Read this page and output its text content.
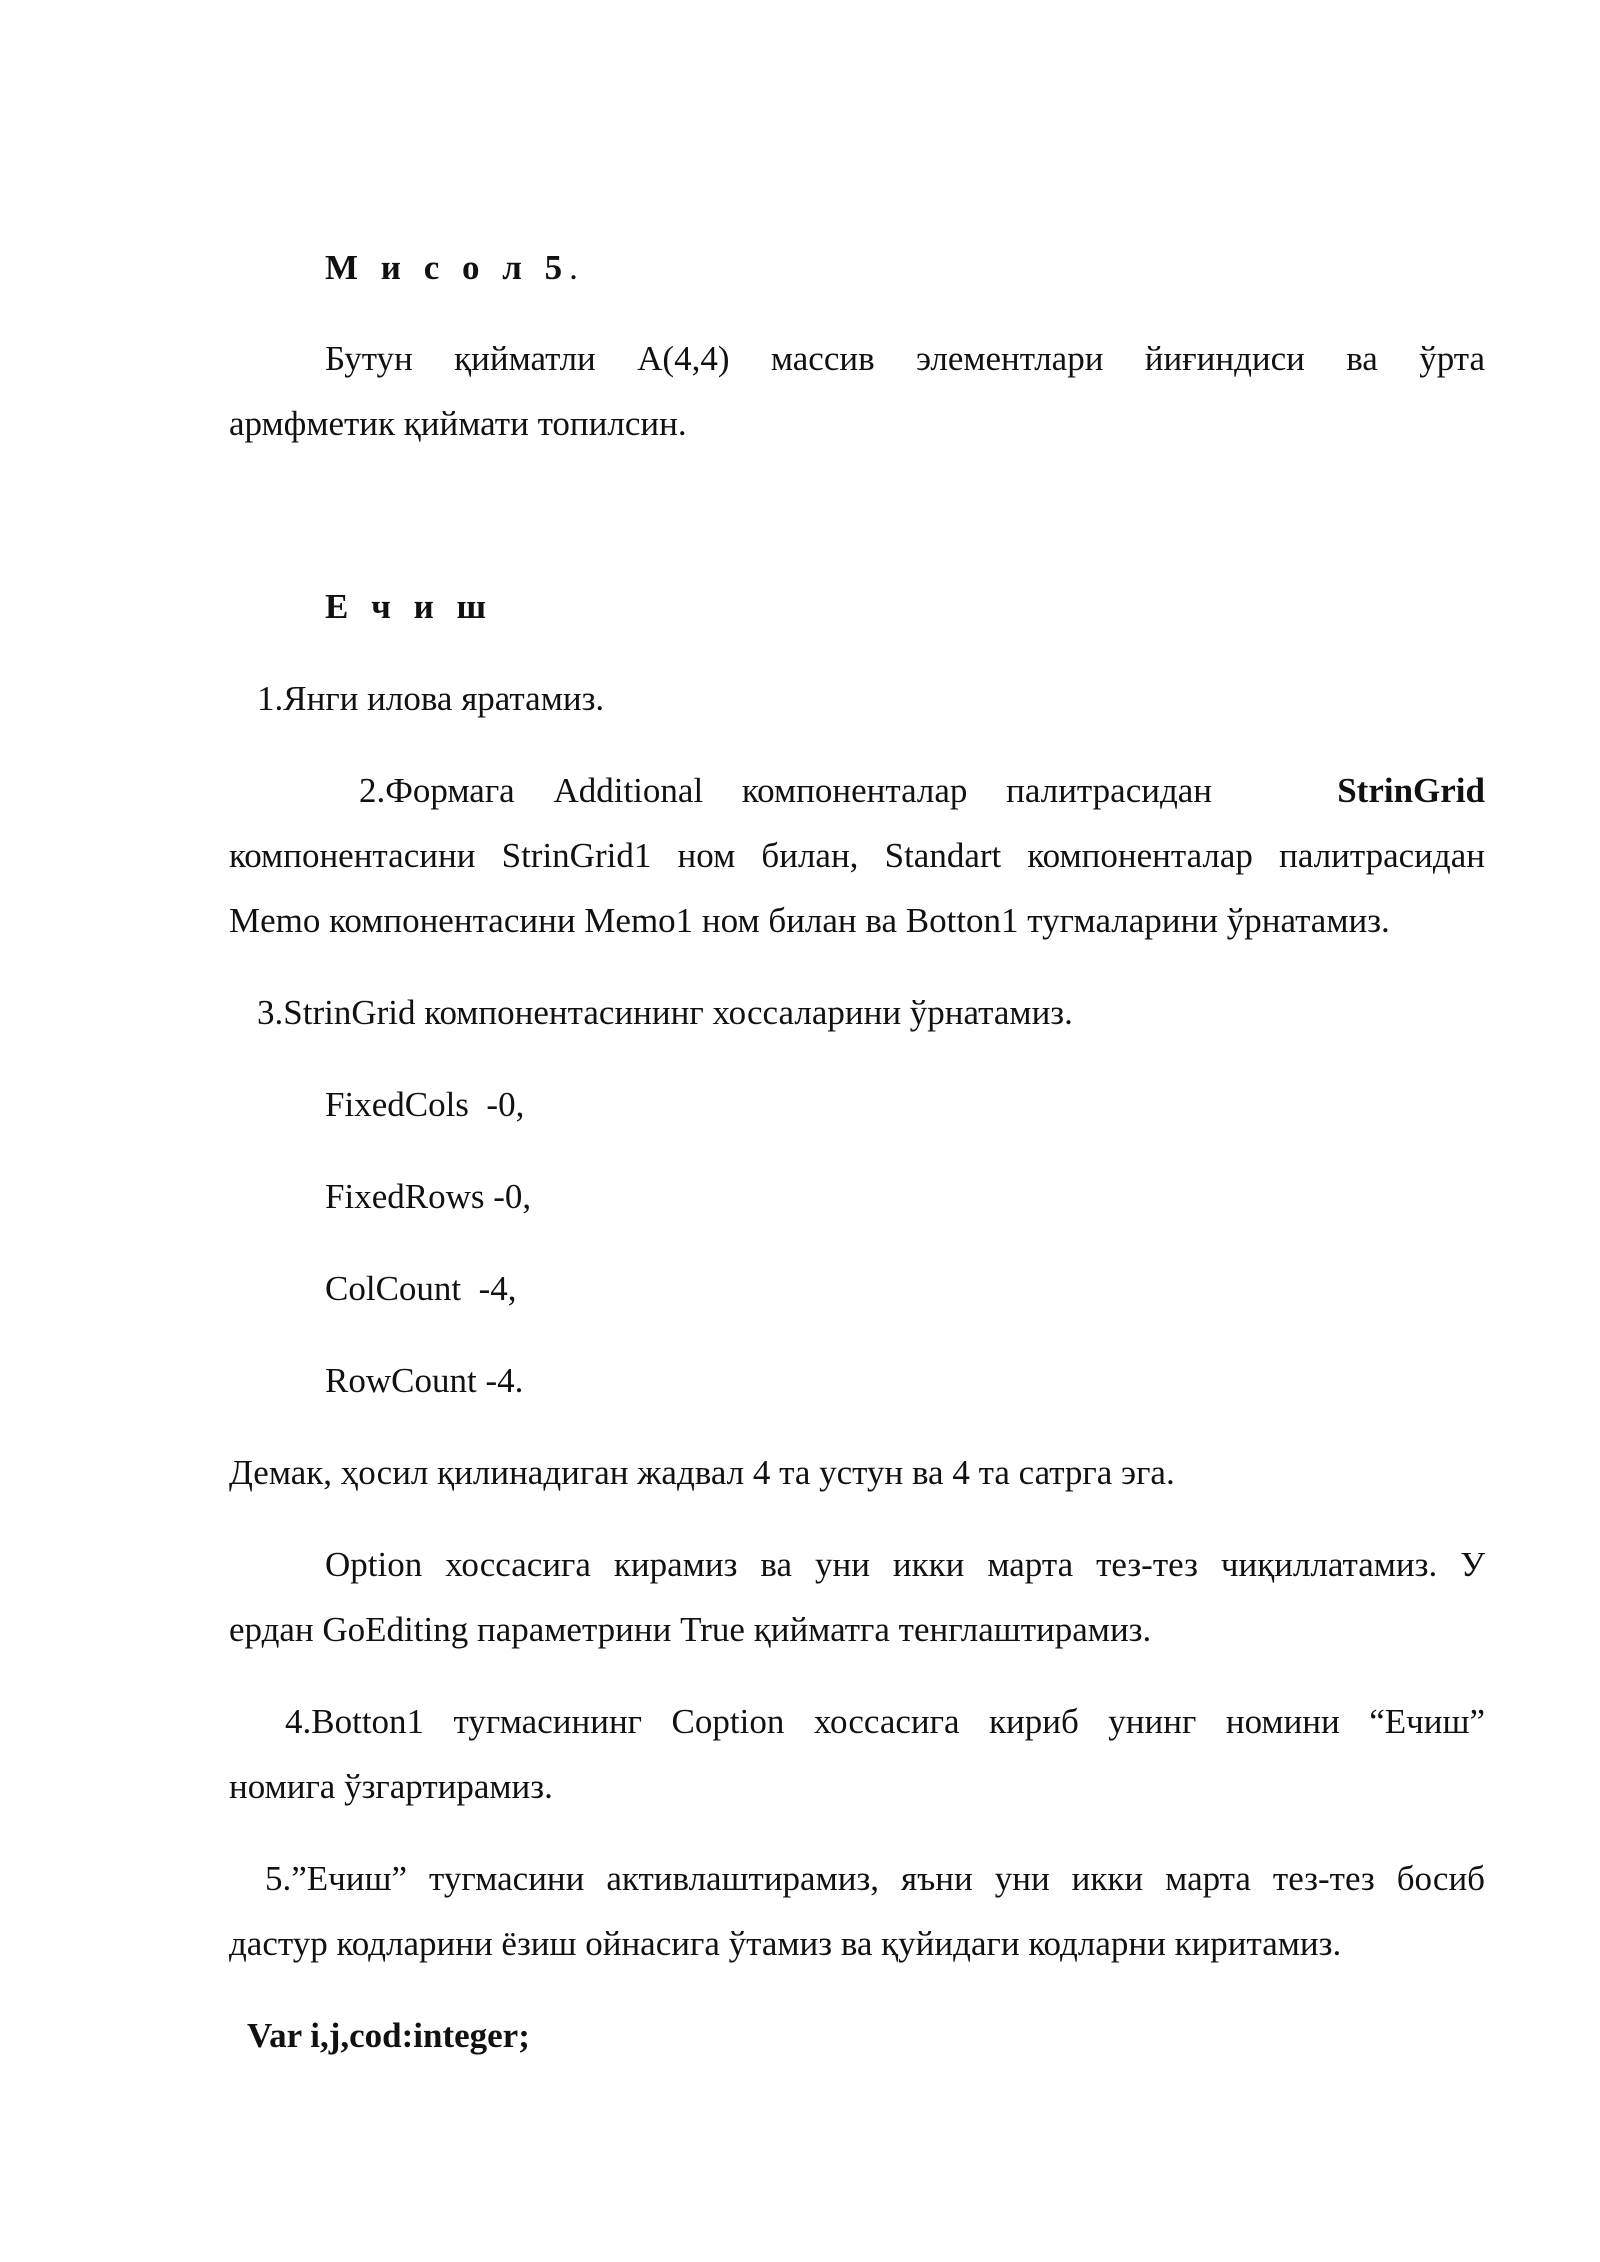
М и с о л 5.
Бутун қийматли A(4,4) массив элементлари йиғиндиси ва ўрта
армфметик қиймати топилсин.
Е ч и ш
1.Янги илова яратамиз.
2.Формага Additional компоненталар палитрасидан	StrinGrid
компонентасини StrinGrid1 ном билан, Standart компоненталар палитрасидан
Memo компонентасини Memo1 ном билан ва Botton1 тугмаларини ўрнатамиз.
3.StrinGrid компонентасининг хоссаларини ўрнатамиз.
FixedCols  -0,
FixedRows -0,
ColCount  -4,
RowCount -4.
Демак, ҳосил қилинадиган жадвал 4 та устун ва 4 та сатрга эга.
Option хоссасига кирамиз ва уни икки марта тез-тез чиқиллатамиз. У
ердан GoEditing параметрини True қийматга тенглаштирамиз.
4.Botton1 тугмасининг Coption хоссасига кириб унинг номини “Ечиш”
номига ўзгартирамиз.
5.”Ечиш” тугмасини активлаштирамиз, яъни уни икки марта тез-тез босиб
дастур кодларини ёзиш ойнасига ўтамиз ва қуйидаги кодларни киритамиз.
Var i,j,cod:integer;
